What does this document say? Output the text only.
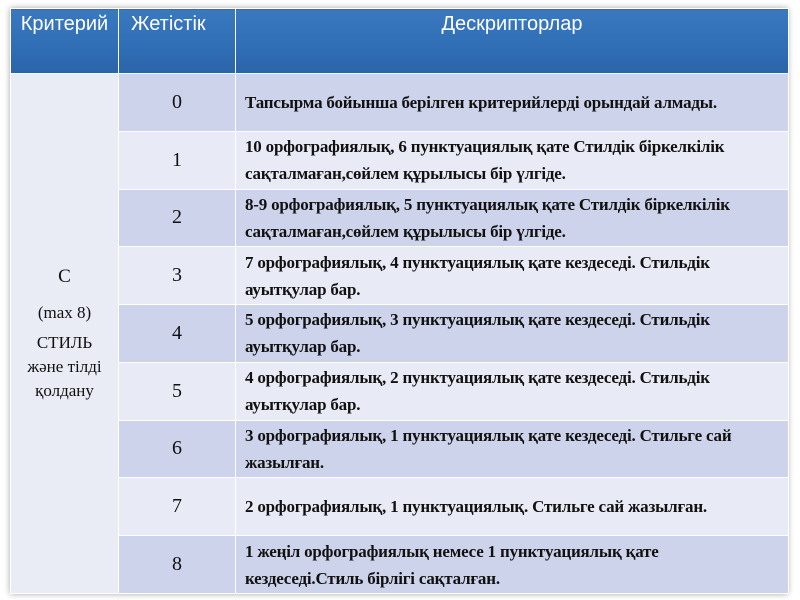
Критерий	Жетістік	Дескрипторлар

С
(max 8)
СТИЛЬ
және тілді
қолдану	0	Тапсырма бойынша берілген критерийлерді орындай алмады.
	1	10 орфографиялық, 6 пунктуациялық қате Стилдік біркелкілік сақталмаған,сөйлем құрылысы бір үлгіде.
	2	8-9 орфографиялық, 5 пунктуациялық қате Стилдік біркелкілік сақталмаған,сөйлем құрылысы бір үлгіде.
	3	7 орфографиялық, 4 пунктуациялық қате кездеседі. Стильдік ауытқулар бар.
	4	5 орфографиялық, 3 пунктуациялық қате кездеседі. Стильдік ауытқулар бар.
	5	4 орфографиялық, 2 пунктуациялық қате кездеседі. Стильдік ауытқулар бар.
	6	3 орфографиялық, 1 пунктуациялық қате кездеседі. Стильге сай жазылған.
	7	2 орфографиялық, 1 пунктуациялық. Стильге сай жазылған.
	8	1 жеңіл орфографиялық немесе 1 пунктуациялық қате кездеседі.Стиль бірлігі сақталған.
